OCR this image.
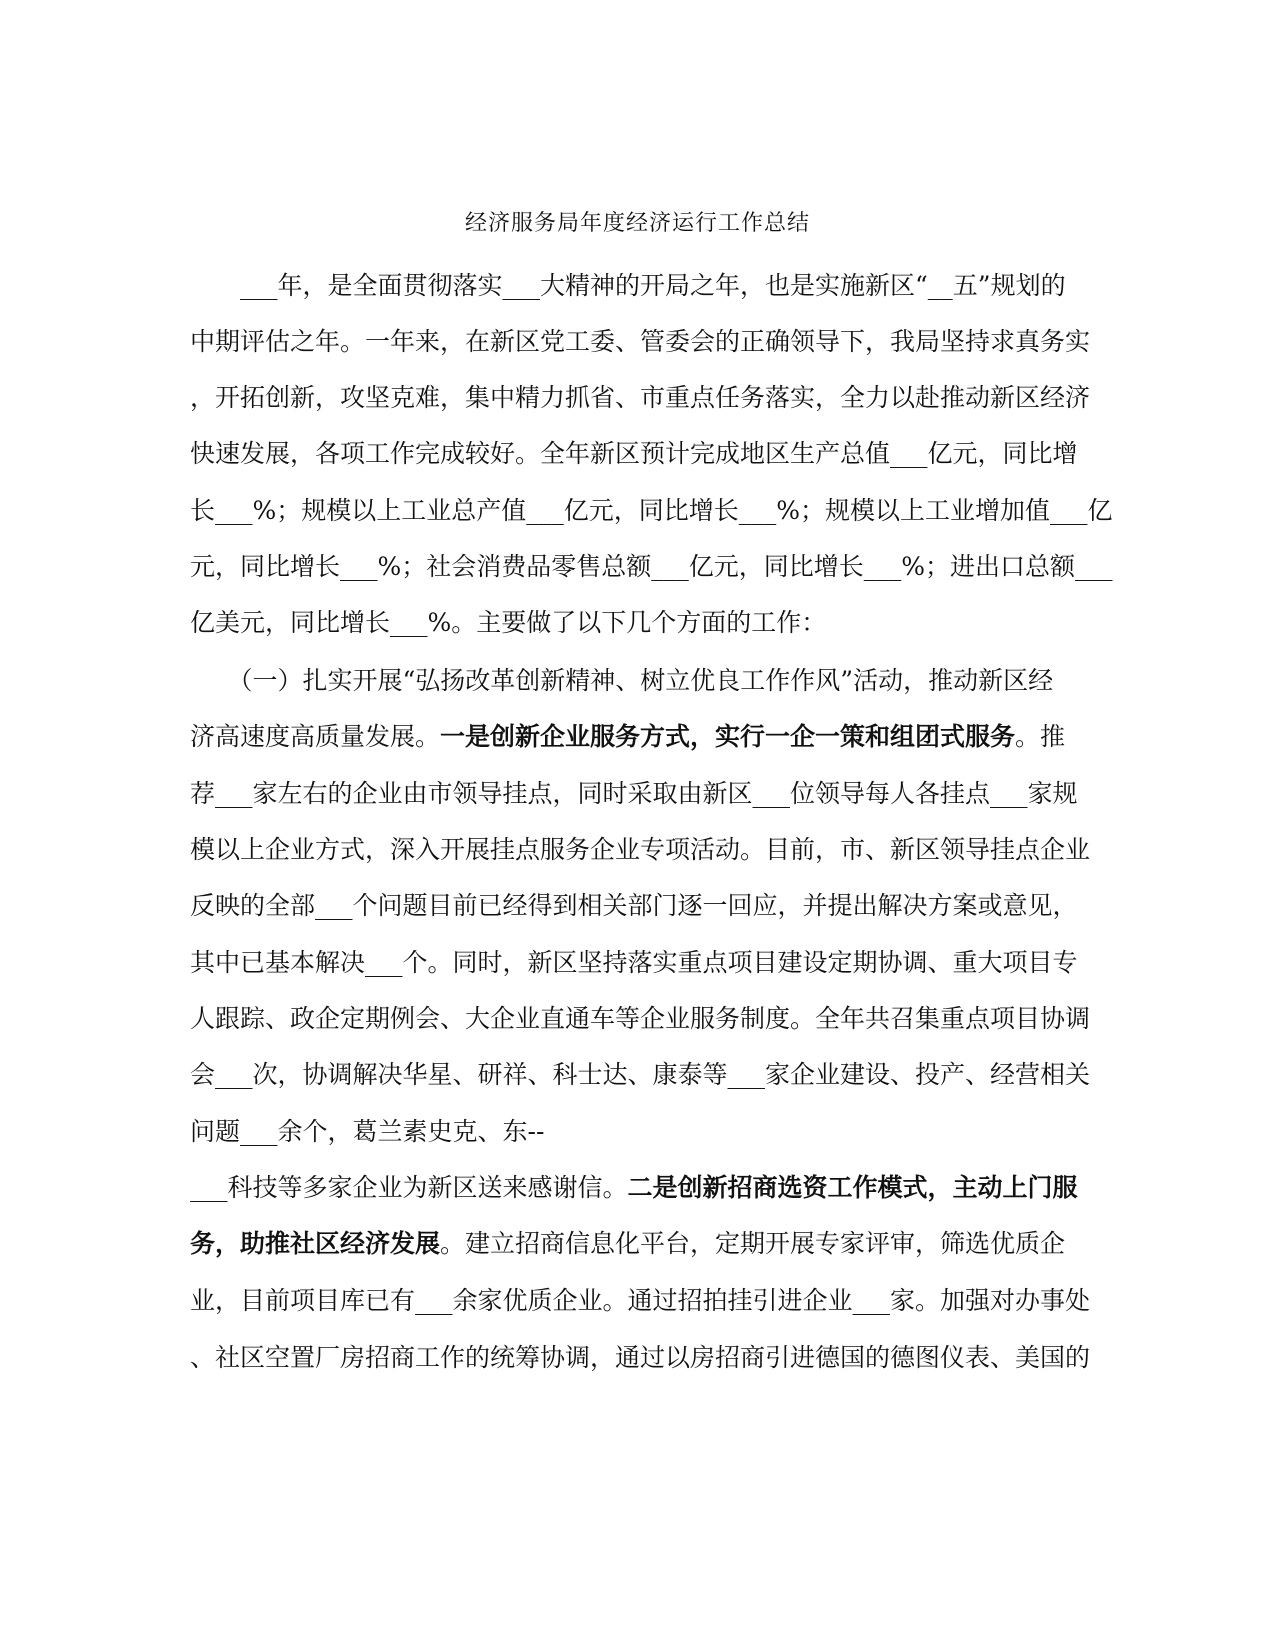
经济服务局年度经济运行工作总结
　　___年，是全面贯彻落实___大精神的开局之年，也是实施新区“__五”规划的
中期评估之年。一年来，在新区党工委、管委会的正确领导下，我局坚持求真务实
，开拓创新，攻坚克难，集中精力抓省、市重点任务落实，全力以赴推动新区经济
快速发展，各项工作完成较好。全年新区预计完成地区生产总值___亿元，同比增
长___%；规模以上工业总产值___亿元，同比增长___%；规模以上工业增加值___亿
元，同比增长___%；社会消费品零售总额___亿元，同比增长___%；进出口总额___
亿美元，同比增长___%。主要做了以下几个方面的工作：
　　（一）扎实开展“弘扬改革创新精神、树立优良工作作风”活动，推动新区经
济高速度高质量发展。一是创新企业服务方式，实行一企一策和组团式服务。推
荐___家左右的企业由市领导挂点，同时采取由新区___位领导每人各挂点___家规
模以上企业方式，深入开展挂点服务企业专项活动。目前，市、新区领导挂点企业
反映的全部___个问题目前已经得到相关部门逐一回应，并提出解决方案或意见，
其中已基本解决___个。同时，新区坚持落实重点项目建设定期协调、重大项目专
人跟踪、政企定期例会、大企业直通车等企业服务制度。全年共召集重点项目协调
会___次，协调解决华星、研祥、科士达、康泰等___家企业建设、投产、经营相关
问题___余个，葛兰素史克、东--
___科技等多家企业为新区送来感谢信。二是创新招商选资工作模式，主动上门服
务，助推社区经济发展。建立招商信息化平台，定期开展专家评审，筛选优质企
业，目前项目库已有___余家优质企业。通过招拍挂引进企业___家。加强对办事处
、社区空置厂房招商工作的统筹协调，通过以房招商引进德国的德图仪表、美国的
